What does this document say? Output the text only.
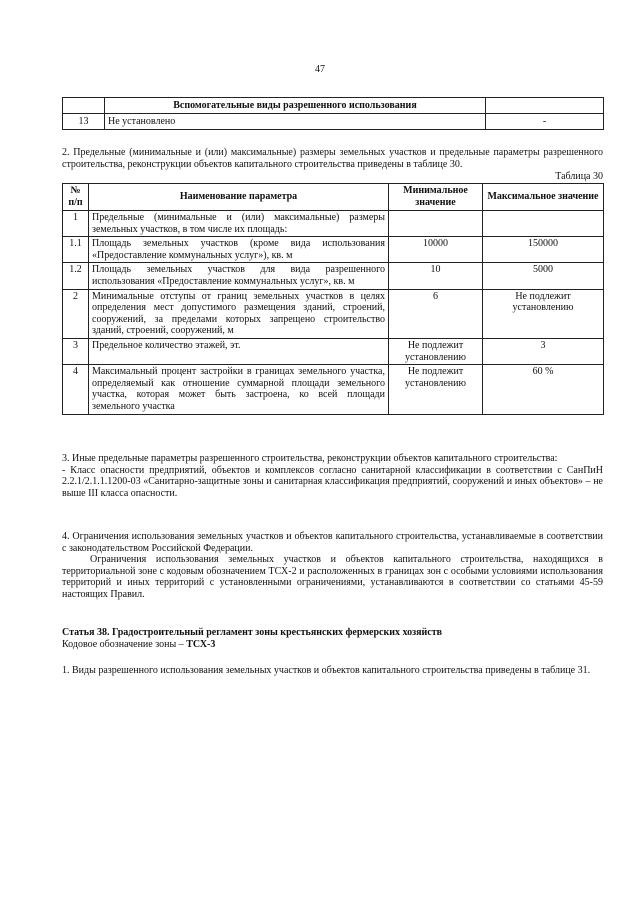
47
	Вспомогательные виды разрешенного использования	
13	Не установлено	-
2. Предельные (минимальные и (или) максимальные) размеры земельных участков и предельные параметры разрешенного строительства, реконструкции объектов капитального строительства приведены в таблице 30.
Таблица 30
№ п/п	Наименование параметра	Минимальное значение	Максимальное значение
1	Предельные (минимальные и (или) максимальные) размеры земельных участков, в том числе их площадь:		
1.1	Площадь земельных участков (кроме вида использования «Предоставление коммунальных услуг»), кв. м	10000	150000
1.2	Площадь земельных участков для вида разрешенного использования «Предоставление коммунальных услуг», кв. м	10	5000
2	Минимальные отступы от границ земельных участков в целях определения мест допустимого размещения зданий, строений, сооружений, за пределами которых запрещено строительство зданий, строений, сооружений, м	6	Не подлежит установлению
3	Предельное количество этажей, эт.	Не подлежит установлению	3
4	Максимальный процент застройки в границах земельного участка, определяемый как отношение суммарной площади земельного участка, которая может быть застроена, ко всей площади земельного участка	Не подлежит установлению	60 %
3. Иные предельные параметры разрешенного строительства, реконструкции объектов капитального строительства:
- Класс опасности предприятий, объектов и комплексов согласно санитарной классификации в соответствии с СанПиН 2.2.1/2.1.1.1200-03 «Санитарно-защитные зоны и санитарная классификация предприятий, сооружений и иных объектов» – не выше III класса опасности.
4. Ограничения использования земельных участков и объектов капитального строительства, устанавливаемые в соответствии с законодательством Российской Федерации.
Ограничения использования земельных участков и объектов капитального строительства, находящихся в территориальной зоне с кодовым обозначением ТСХ-2 и расположенных в границах зон с особыми условиями использования территорий и иных территорий с установленными ограничениями, устанавливаются в соответствии со статьями 45-59 настоящих Правил.
Статья 38. Градостроительный регламент зоны крестьянских фермерских хозяйств
Кодовое обозначение зоны – ТСХ-3
1. Виды разрешенного использования земельных участков и объектов капитального строительства приведены в таблице 31.
